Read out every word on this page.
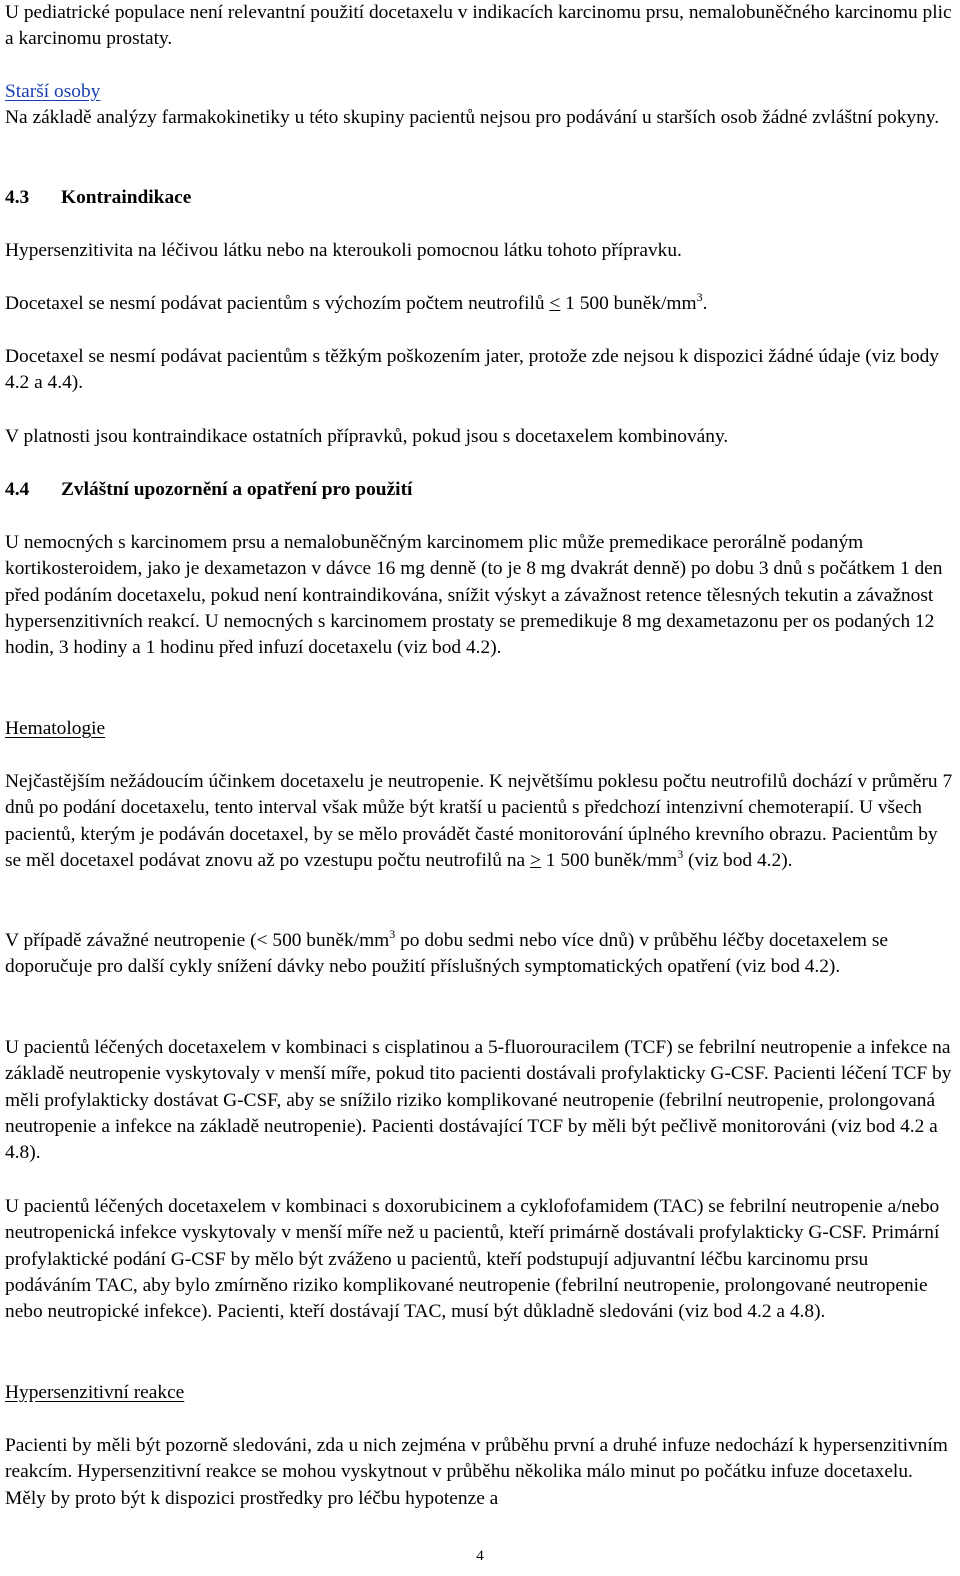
U pediatrické populace není relevantní použití docetaxelu v indikacích karcinomu prsu, nemalobuněčného karcinomu plic a karcinomu prostaty.

Starší osoby

Na základě analýzy farmakokinetiky u této skupiny pacientů nejsou pro podávání u starších osob žádné zvláštní pokyny.

4.3 Kontraindikace

Hypersenzitivita na léčivou látku nebo na kteroukoli pomocnou látku tohoto přípravku.

Docetaxel se nesmí podávat pacientům s výchozím počtem neutrofilů < 1 500 buněk/$mm^3$.

Docetaxel se nesmí podávat pacientům s těžkým poškozením jater, protože zde nejsou k dispozici žádné údaje (viz body 4.2 a 4.4).

V platnosti jsou kontraindikace ostatních přípravků, pokud jsou s docetaxelem kombinovány.

4.4 Zvláštní upozornění a opatření pro použití

U nemocných s karcinomem prsu a nemalobuněčným karcinomem plic může premedikace perorálně podaným kortikosteroidem, jako je dexametazon v dávce 16 mg denně (to je 8 mg dvakrát denně) po dobu 3 dnů s počátkem 1 den před podáním docetaxelu, pokud není kontraindikována, snížit výskyt a závažnost retence tělesných tekutin a závažnost hypersenzitivních reakcí. U nemocných s karcinomem prostaty se premedikuje 8 mg dexametazonu per os podaných 12 hodin, 3 hodiny a 1 hodinu před infuzí docetaxelu (viz bod 4.2).

Hematologie

Nejčastějším nežádoucím účinkem docetaxelu je neutropenie. K největšímu poklesu počtu neutrofilů dochází v průměru 7 dnů po podání docetaxelu, tento interval však může být kratší u pacientů s předchozí intenzivní chemoterapií. U všech pacientů, kterým je podáván docetaxel, by se mělo provádět časté monitorování úplného krevního obrazu. Pacientům by se měl docetaxel podávat znovu až po vzestupu počtu neutrofilů na > 1 500 buněk/$mm^3$ (viz bod 4.2).

V případě závažné neutropenie (< 500 buněk/$mm^3$ po dobu sedmi nebo více dnů) v průběhu léčby docetaxelem se doporučuje pro další cykly snížení dávky nebo použití příslušných symptomatických opatření (viz bod 4.2).

U pacientů léčených docetaxelem v kombinaci s cisplatinou a 5-fluorouracilem (TCF) se febrilní neutropenie a infekce na základě neutropenie vyskytovaly v menší míře, pokud tito pacienti dostávali profylakticky G-CSF. Pacienti léčení TCF by měli profylakticky dostávat G-CSF, aby se snížilo riziko komplikované neutropenie (febrilní neutropenie, prolongovaná neutropenie a infekce na základě neutropenie). Pacienti dostávající TCF by měli být pečlivě monitorováni (viz bod 4.2 a 4.8).

U pacientů léčených docetaxelem v kombinaci s doxorubicinem a cyklofofamidem (TAC) se febrilní neutropenie a/nebo neutropenická infekce vyskytovaly v menší míře než u pacientů, kteří primárně dostávali profylakticky G-CSF. Primární profylaktické podání G-CSF by mělo být zváženo u pacientů, kteří podstupují adjuvantní léčbu karcinomu prsu podáváním TAC, aby bylo zmírněno riziko komplikované neutropenie (febrilní neutropenie, prolongované neutropenie nebo neutropické infekce). Pacienti, kteří dostávají TAC, musí být důkladně sledováni (viz bod 4.2 a 4.8).

Hypersenzitivní reakce

Pacienti by měli být pozorně sledováni, zda u nich zejména v průběhu první a druhé infuze nedochází k hypersenzitivním reakcím. Hypersenzitivní reakce se mohou vyskytnout v průběhu několika málo minut po počátku infuze docetaxelu. Měly by proto být k dispozici prostředky pro léčbu hypotenze a

4
